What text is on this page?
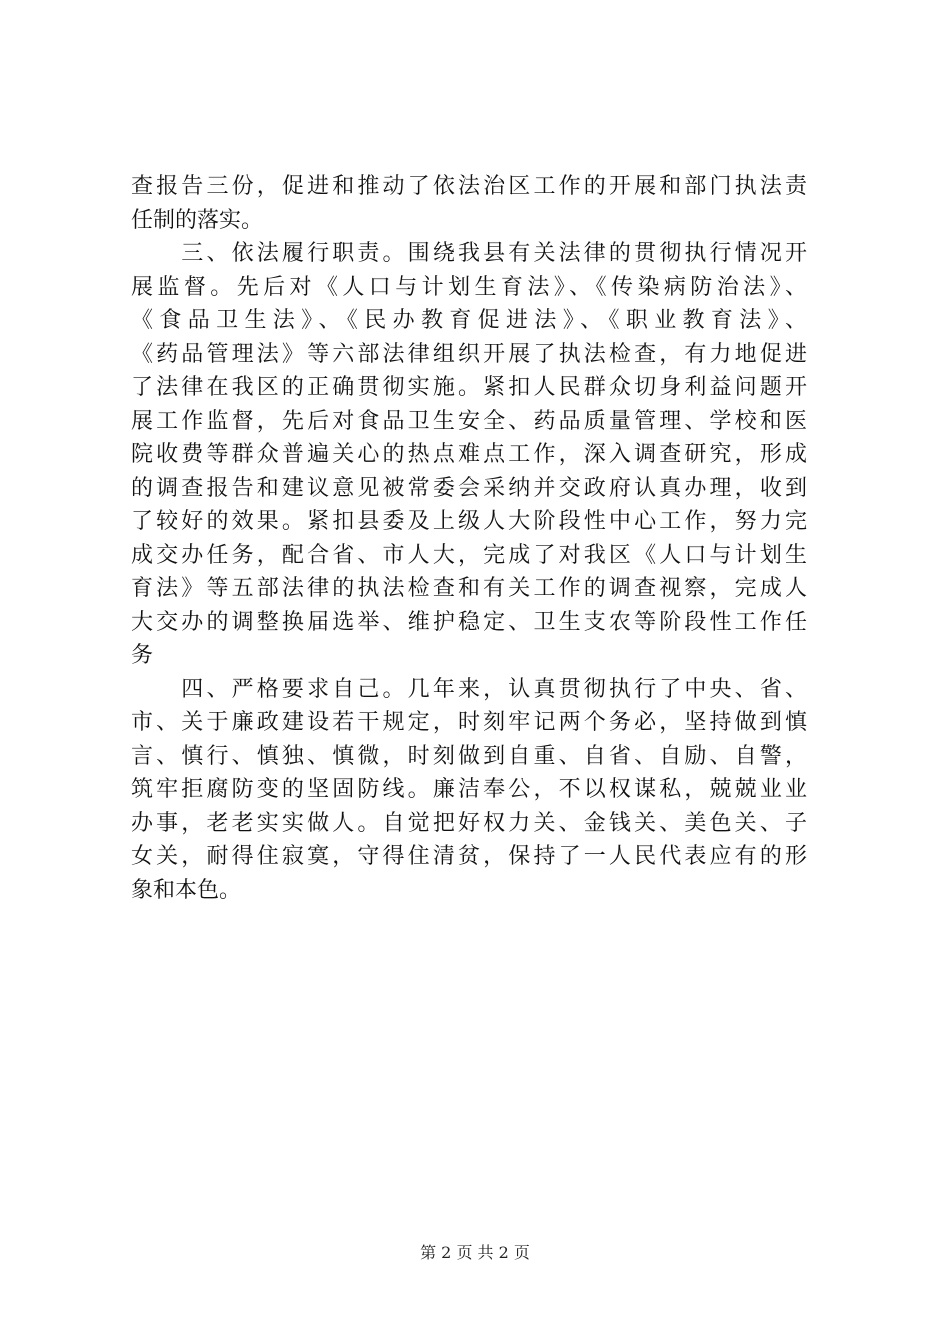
查报告三份，促进和推动了依法治区工作的开展和部门执法责
任制的落实。
　　三、依法履行职责。围绕我县有关法律的贯彻执行情况开
展监督。先后对《人口与计划生育法》、《传染病防治法》、
《食品卫生法》、《民办教育促进法》、《职业教育法》、
《药品管理法》等六部法律组织开展了执法检查，有力地促进
了法律在我区的正确贯彻实施。紧扣人民群众切身利益问题开
展工作监督，先后对食品卫生安全、药品质量管理、学校和医
院收费等群众普遍关心的热点难点工作，深入调查研究，形成
的调查报告和建议意见被常委会采纳并交政府认真办理，收到
了较好的效果。紧扣县委及上级人大阶段性中心工作，努力完
成交办任务，配合省、市人大，完成了对我区《人口与计划生
育法》等五部法律的执法检查和有关工作的调查视察，完成人
大交办的调整换届选举、维护稳定、卫生支农等阶段性工作任
务
　　四、严格要求自己。几年来，认真贯彻执行了中央、省、
市、关于廉政建设若干规定，时刻牢记两个务必，坚持做到慎
言、慎行、慎独、慎微，时刻做到自重、自省、自励、自警，
筑牢拒腐防变的坚固防线。廉洁奉公，不以权谋私，兢兢业业
办事，老老实实做人。自觉把好权力关、金钱关、美色关、子
女关，耐得住寂寞，守得住清贫，保持了一人民代表应有的形
象和本色。
第 2 页 共 2 页
